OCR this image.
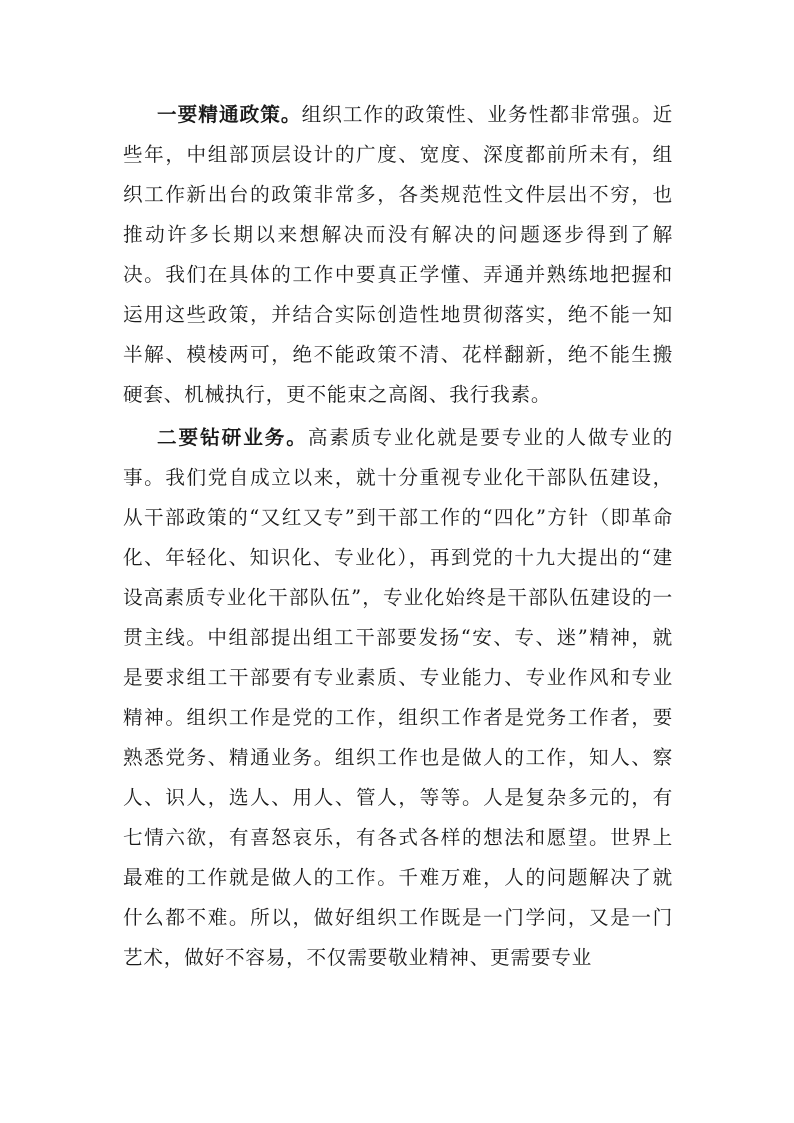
一要精通政策。组织工作的政策性、业务性都非常强。近些年，中组部顶层设计的广度、宽度、深度都前所未有，组织工作新出台的政策非常多，各类规范性文件层出不穷，也推动许多长期以来想解决而没有解决的问题逐步得到了解决。我们在具体的工作中要真正学懂、弄通并熟练地把握和运用这些政策，并结合实际创造性地贯彻落实，绝不能一知半解、模棱两可，绝不能政策不清、花样翻新，绝不能生搬硬套、机械执行，更不能束之高阁、我行我素。

二要钻研业务。高素质专业化就是要专业的人做专业的事。我们党自成立以来，就十分重视专业化干部队伍建设，从干部政策的“又红又专”到干部工作的“四化”方针（即革命化、年轻化、知识化、专业化），再到党的十九大提出的“建设高素质专业化干部队伍”，专业化始终是干部队伍建设的一贯主线。中组部提出组工干部要发扬“安、专、迷”精神，就是要求组工干部要有专业素质、专业能力、专业作风和专业精神。组织工作是党的工作，组织工作者是党务工作者，要熟悉党务、精通业务。组织工作也是做人的工作，知人、察人、识人，选人、用人、管人，等等。人是复杂多元的，有七情六欲，有喜怒哀乐，有各式各样的想法和愿望。世界上最难的工作就是做人的工作。千难万难，人的问题解决了就什么都不难。所以，做好组织工作既是一门学问，又是一门艺术，做好不容易，不仅需要敬业精神、更需要专业
